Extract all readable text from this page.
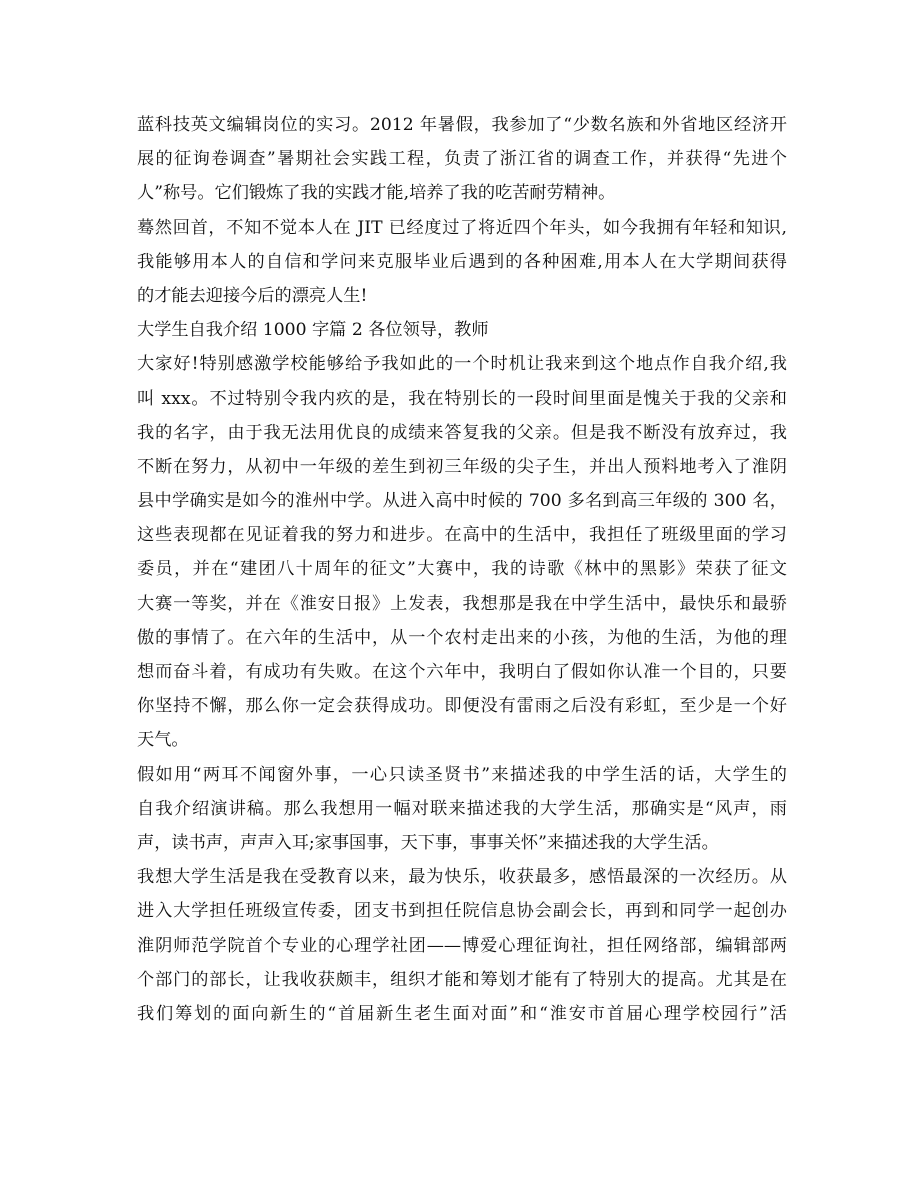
蓝科技英文编辑岗位的实习。2012 年暑假，我参加了“少数名族和外省地区经济开
展的征询卷调查”暑期社会实践工程，负责了浙江省的调查工作，并获得“先进个
人”称号。它们锻炼了我的实践才能,培养了我的吃苦耐劳精神。
蓦然回首，不知不觉本人在 JIT 已经度过了将近四个年头，如今我拥有年轻和知识,
我能够用本人的自信和学问来克服毕业后遇到的各种困难,用本人在大学期间获得
的才能去迎接今后的漂亮人生!
大学生自我介绍 1000 字篇 2 各位领导，教师
大家好!特别感激学校能够给予我如此的一个时机让我来到这个地点作自我介绍,我
叫 xxx。不过特别令我内疚的是，我在特别长的一段时间里面是愧关于我的父亲和
我的名字，由于我无法用优良的成绩来答复我的父亲。但是我不断没有放弃过，我
不断在努力，从初中一年级的差生到初三年级的尖子生，并出人预料地考入了淮阴
县中学确实是如今的淮州中学。从进入高中时候的 700 多名到高三年级的 300 名，
这些表现都在见证着我的努力和进步。在高中的生活中，我担任了班级里面的学习
委员，并在“建团八十周年的征文”大赛中，我的诗歌《林中的黑影》荣获了征文
大赛一等奖，并在《淮安日报》上发表，我想那是我在中学生活中，最快乐和最骄
傲的事情了。在六年的生活中，从一个农村走出来的小孩，为他的生活，为他的理
想而奋斗着，有成功有失败。在这个六年中，我明白了假如你认准一个目的，只要
你坚持不懈，那么你一定会获得成功。即便没有雷雨之后没有彩虹，至少是一个好
天气。
假如用“两耳不闻窗外事，一心只读圣贤书”来描述我的中学生活的话，大学生的
自我介绍演讲稿。那么我想用一幅对联来描述我的大学生活，那确实是“风声，雨
声，读书声，声声入耳;家事国事，天下事，事事关怀”来描述我的大学生活。
我想大学生活是我在受教育以来，最为快乐，收获最多，感悟最深的一次经历。从
进入大学担任班级宣传委，团支书到担任院信息协会副会长，再到和同学一起创办
淮阴师范学院首个专业的心理学社团——博爱心理征询社，担任网络部，编辑部两
个部门的部长，让我收获颇丰，组织才能和筹划才能有了特别大的提高。尤其是在
我们筹划的面向新生的“首届新生老生面对面”和“淮安市首届心理学校园行”活
